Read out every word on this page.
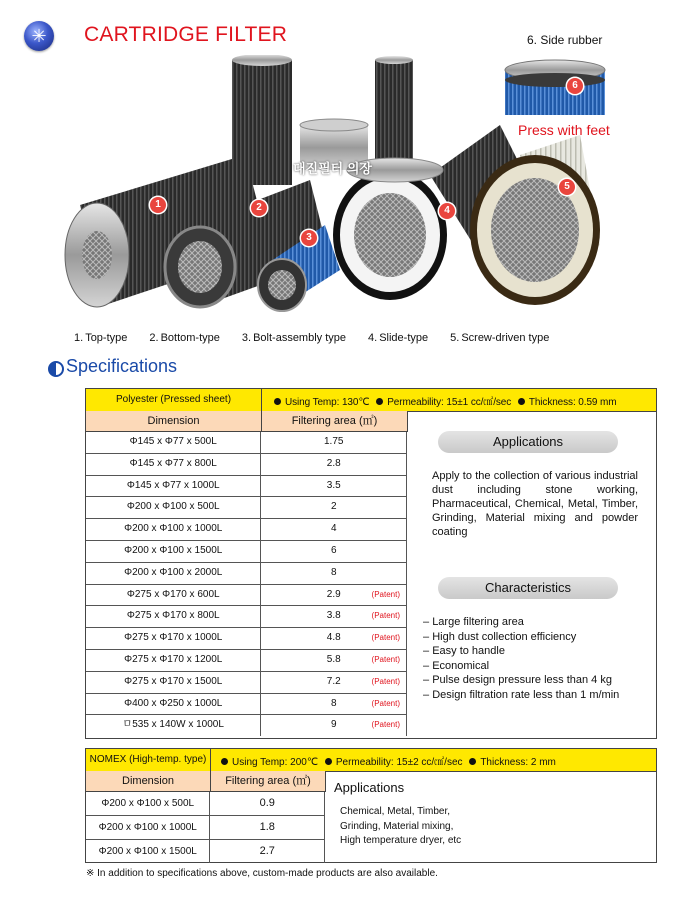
✳	CARTRIDGE FILTER
1	2
3
4
5
6
대진필터 의장
6. Side rubber
Press with feet
1. Top-type 2. Bottom-type 3. Bolt-assembly type 4. Slide-type 5. Screw-driven type
Specifications
Polyester (Pressed sheet)	Using Temp: 130℃ Permeability: 15±1 cc/㎠/sec Thickness: 0.59 mm
Dimension	Filtering area (㎡)
Φ145 x Φ77 x 500L	1.75
Φ145 x Φ77 x 800L	2.8
Φ145 x Φ77 x 1000L	3.5
Φ200 x Φ100 x 500L	2
Φ200 x Φ100 x 1000L	4
Φ200 x Φ100 x 1500L	6
Φ200 x Φ100 x 2000L	8
Φ275 x Φ170 x 600L	2.9	(Patent)
Φ275 x Φ170 x 800L	3.8	(Patent)
Φ275 x Φ170 x 1000L	4.8	(Patent)
Φ275 x Φ170 x 1200L	5.8	(Patent)
Φ275 x Φ170 x 1500L	7.2	(Patent)
Φ400 x Φ250 x 1000L	8	(Patent)
ㅁ535 x 140W x 1000L	9	(Patent)
Applications
Apply to the collection of various industrial dust including stone working, Pharmaceutical, Chemical, Metal, Timber, Grinding, Material mixing and powder coating
Characteristics
– Large filtering area
– High dust collection efficiency
– Easy to handle
– Economical
– Pulse design pressure less than 4 kg
– Design filtration rate less than 1 m/min
NOMEX (High-temp. type)	Using Temp: 200℃ Permeability: 15±2 cc/㎠/sec Thickness: 2 mm
Dimension	Filtering area (㎡)
Φ200 x Φ100 x 500L	0.9
Φ200 x Φ100 x 1000L	1.8
Φ200 x Φ100 x 1500L	2.7
Applications
Chemical, Metal, Timber,
Grinding, Material mixing,
High temperature dryer, etc
※ In addition to specifications above, custom-made products are also available.
